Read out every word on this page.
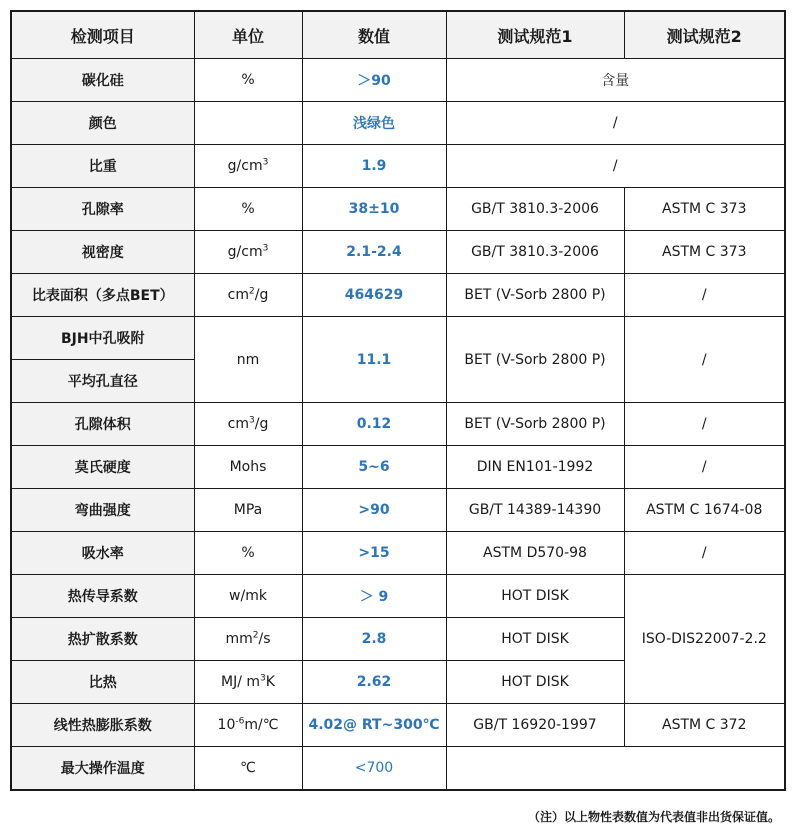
检测项目	单位	数值	测试规范1	测试规范2
碳化硅	%	＞90	含量	
颜色		浅绿色	/	
比重	$g/cm^3$	1.9	/	
孔隙率	%	38±10	GB/T 3810.3-2006	ASTM C 373
视密度	$g/cm^3$	2.1-2.4	GB/T 3810.3-2006	ASTM C 373
比表面积（多点BET）	$cm^2/g$	464629	BET (V-Sorb 2800 P)	/
BJH中孔吸附	nm	11.1	BET (V-Sorb 2800 P)	/
平均孔直径				
孔隙体积	$cm^3/g$	0.12	BET (V-Sorb 2800 P)	/
莫氏硬度	Mohs	5~6	DIN EN101-1992	/
弯曲强度	MPa	>90	GB/T 14389-14390	ASTM C 1674-08
吸水率	%	>15	ASTM D570-98	/
热传导系数	w/mk	＞ 9	HOT DISK	ISO-DIS22007-2.2
热扩散系数	$mm^2/s$	2.8	HOT DISK	
比热	MJ/ $m^3K$	2.62	HOT DISK	
线性热膨胀系数	$10^{-6}m/℃$	4.02@ RT~300℃	GB/T 16920-1997	ASTM C 372
最大操作温度	℃	<700		
（注）以上物性表数值为代表值非出货保证值。
